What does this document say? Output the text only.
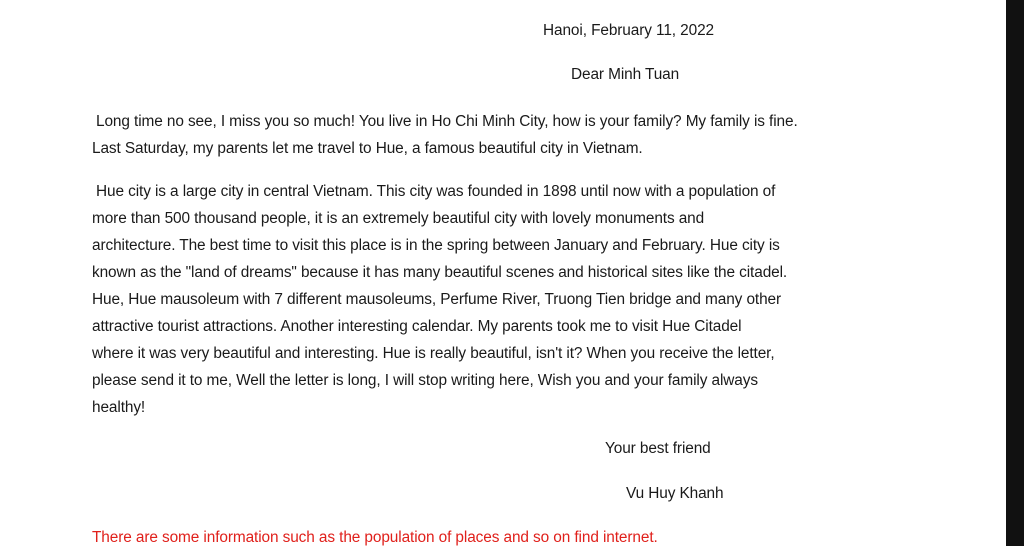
Hanoi, February 11, 2022
Dear Minh Tuan
Long time no see, I miss you so much! You live in Ho Chi Minh City, how is your family? My family is fine.
Last Saturday, my parents let me travel to Hue, a famous beautiful city in Vietnam.
Hue city is a large city in central Vietnam. This city was founded in 1898 until now with a population of
more than 500 thousand people, it is an extremely beautiful city with lovely monuments and
architecture. The best time to visit this place is in the spring between January and February. Hue city is
known as the "land of dreams" because it has many beautiful scenes and historical sites like the citadel.
Hue, Hue mausoleum with 7 different mausoleums, Perfume River, Truong Tien bridge and many other
attractive tourist attractions. Another interesting calendar. My parents took me to visit Hue Citadel
where it was very beautiful and interesting. Hue is really beautiful, isn't it? When you receive the letter,
please send it to me, Well the letter is long, I will stop writing here, Wish you and your family always
healthy!
Your best friend
Vu Huy Khanh
There are some information such as the population of places and so on find internet.
